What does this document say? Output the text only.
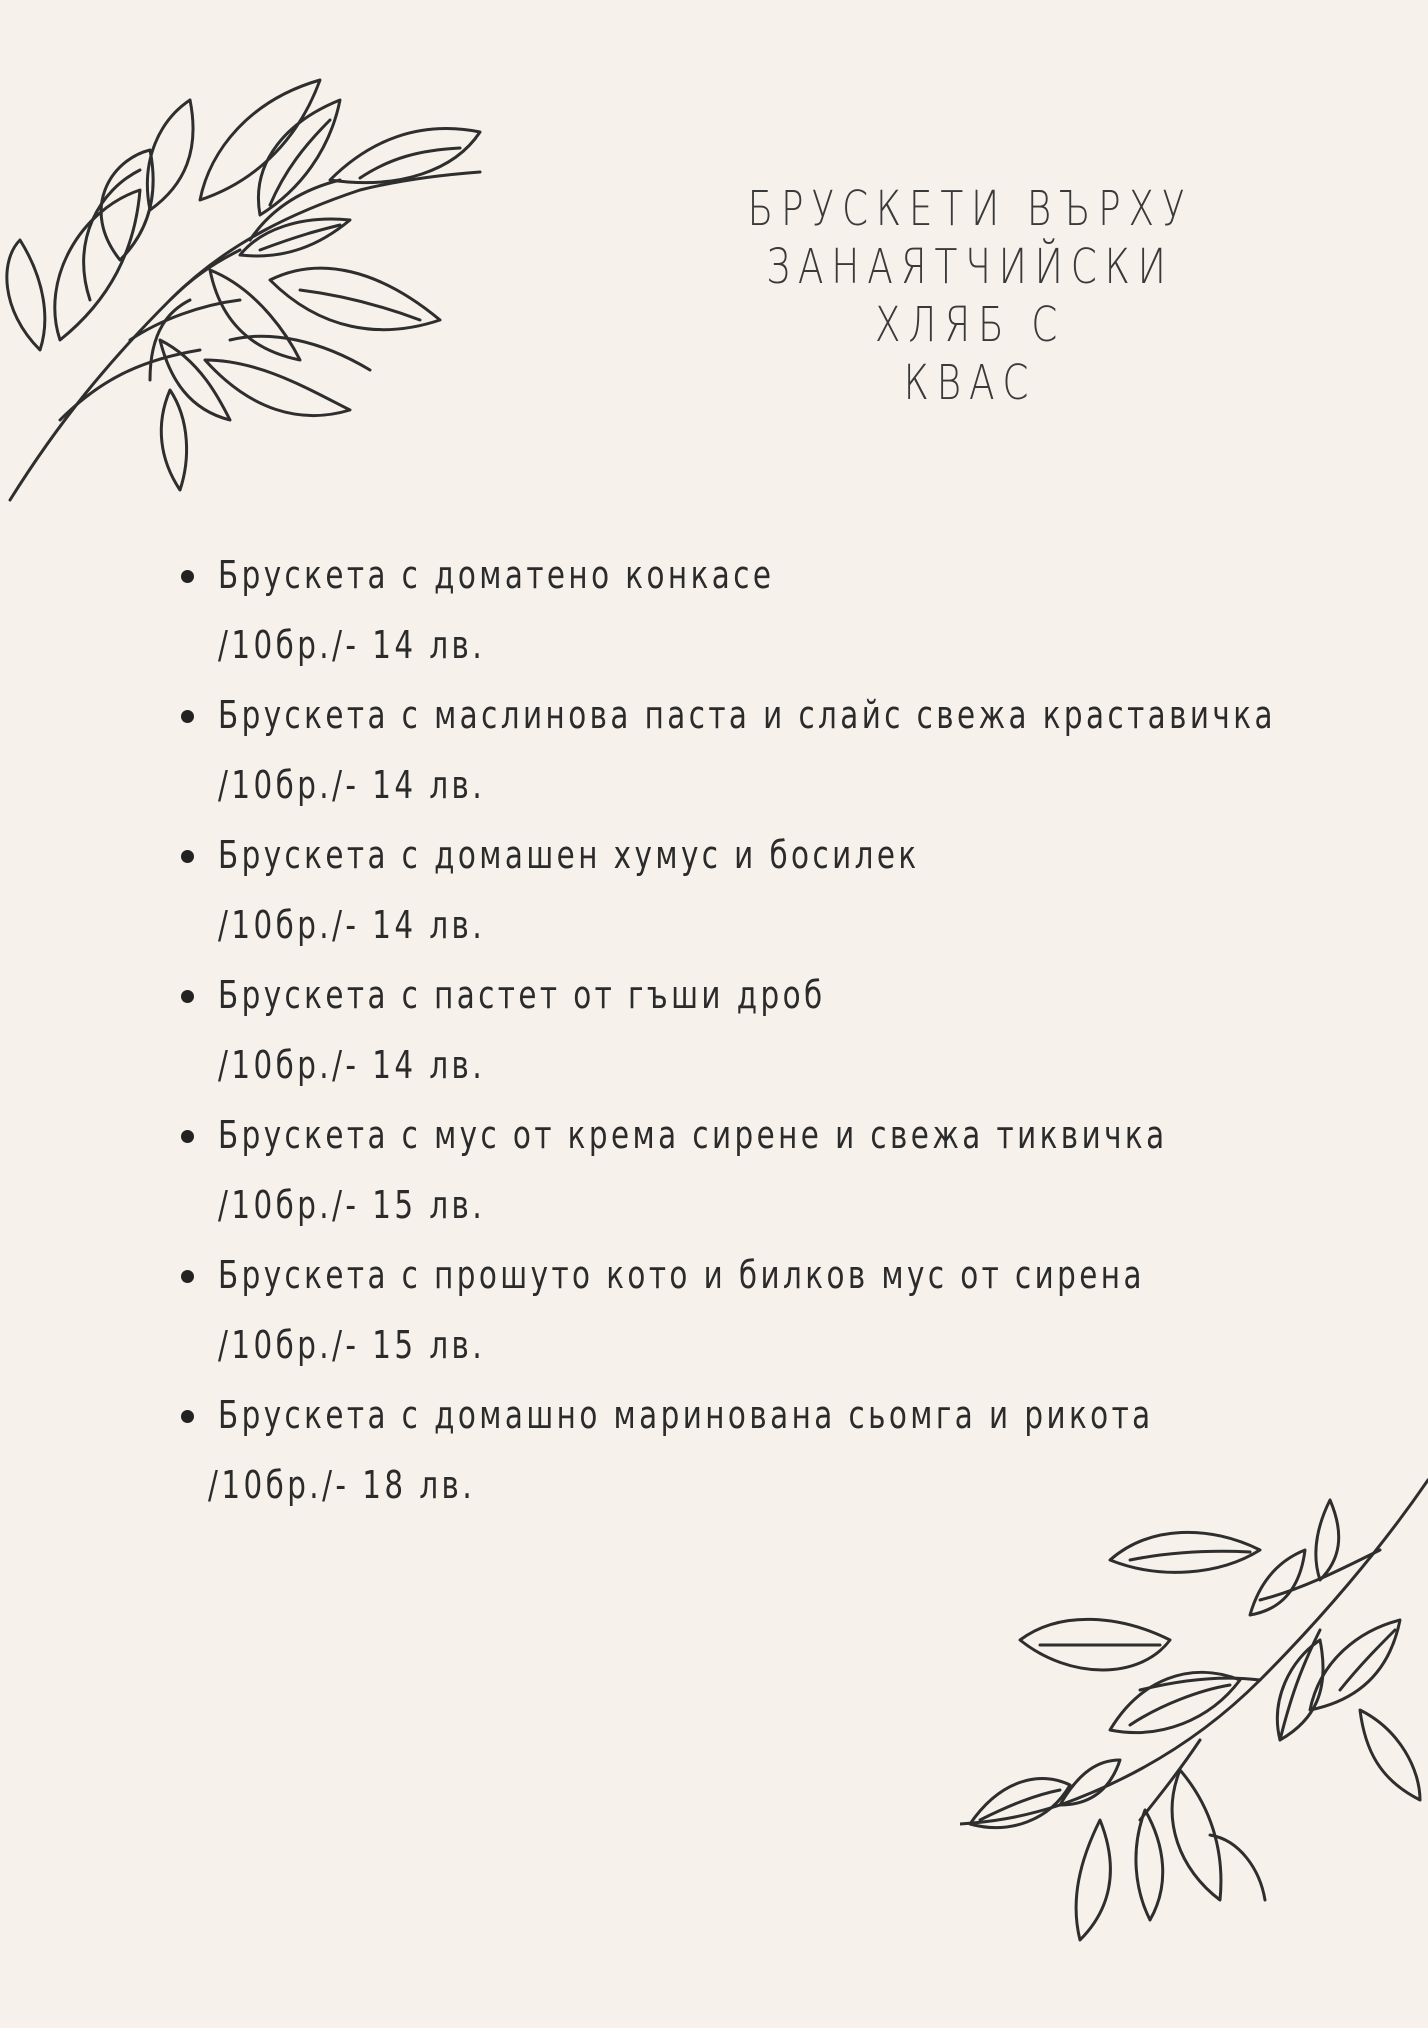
БРУСКЕТИ ВЪРХУ
ЗАНАЯТЧИЙСКИ ХЛЯБ С
КВАС
Брускета с доматено конкасе
/10бр./- 14 лв.
Брускета с маслинова паста и слайс свежа краставичка
/10бр./- 14 лв.
Брускета с домашен хумус и босилек
/10бр./- 14 лв.
Брускета с пастет от гъши дроб
/10бр./- 14 лв.
Брускета с мус от крема сирене и свежа тиквичка
/10бр./- 15 лв.
Брускета с прошуто кото и билков мус от сирена
/10бр./- 15 лв.
Брускета с домашно маринована сьомга и рикота
/10бр./- 18 лв.
